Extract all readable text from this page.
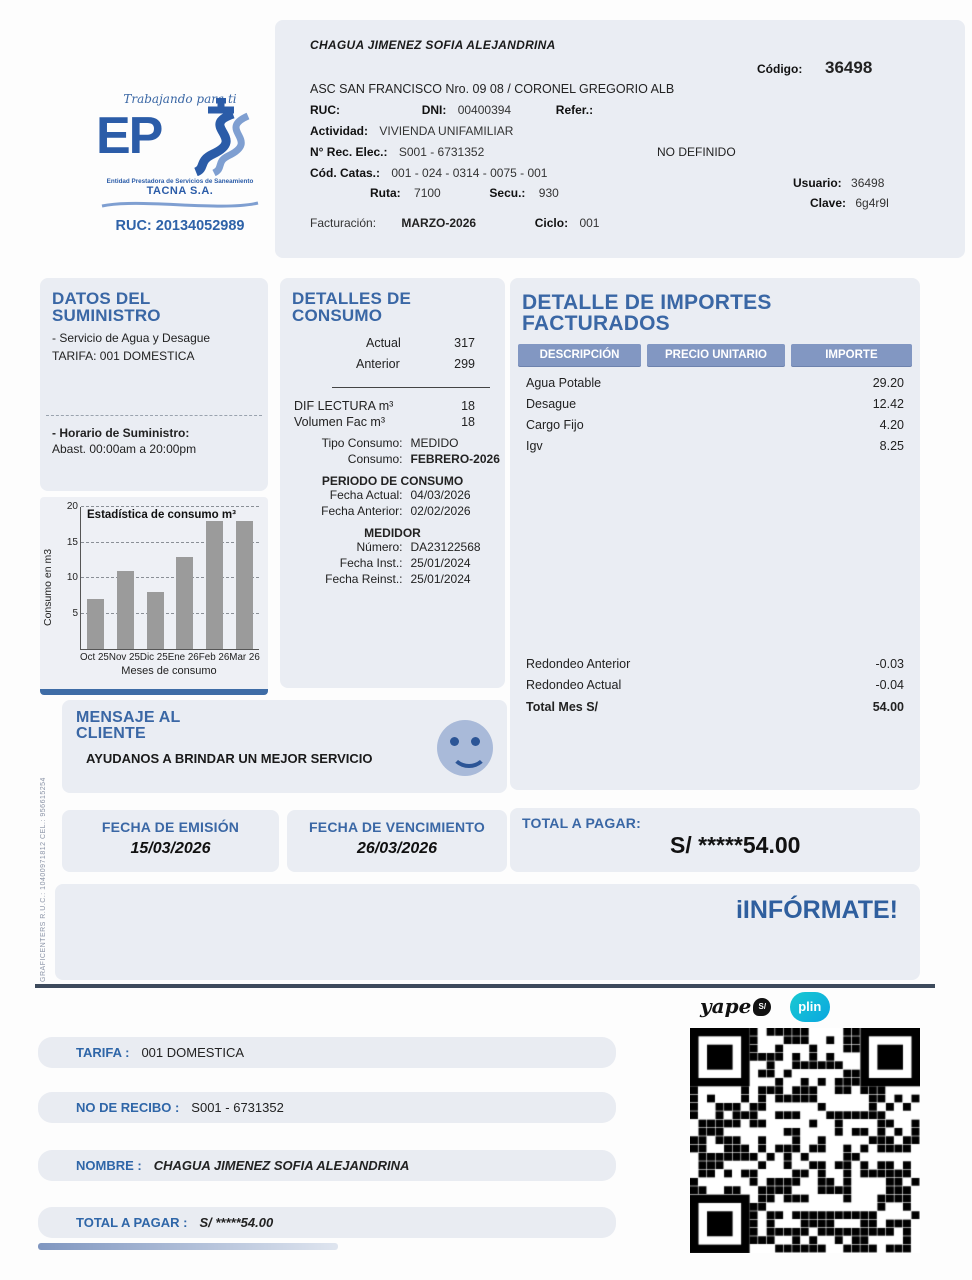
Trabajando para ti
EP
Entidad Prestadora de Servicios de Saneamiento
TACNA S.A.
RUC: 20134052989
CHAGUA JIMENEZ SOFIA ALEJANDRINA
Código: 36498
ASC SAN FRANCISCO Nro. 09 08 / CORONEL GREGORIO ALB
RUC:	DNI: 00400394	Refer.:
Actividad: VIVIENDA UNIFAMILIAR
N° Rec. Elec.: S001 - 6731352	NO DEFINIDO
Cód. Catas.: 001 - 024 - 0314 - 0075 - 001
Ruta: 7100	Secu.: 930
Usuario: 36498
Clave: 6g4r9l
Facturación: MARZO-2026	Ciclo: 001
DATOS DEL SUMINISTRO
- Servicio de Agua y Desague
TARIFA: 001 DOMESTICA
- Horario de Suministro:
Abast. 00:00am a 20:00pm
Consumo en m3
Estadística de consumo m³
5
10
15
20
Oct 25 Nov 25 Dic 25 Ene 26 Feb 26 Mar 26
Meses de consumo
DETALLES DE CONSUMO
Actual	317
Anterior	299
DIF LECTURA m³	18
Volumen Fac m³	18
Tipo Consumo: MEDIDO
Consumo: FEBRERO-2026
PERIODO DE CONSUMO
Fecha Actual: 04/03/2026
Fecha Anterior: 02/02/2026
MEDIDOR
Número: DA23122568
Fecha Inst.: 25/01/2024
Fecha Reinst.: 25/01/2024
DETALLE DE IMPORTES FACTURADOS
DESCRIPCIÓN	PRECIO UNITARIO	IMPORTE
Agua Potable	29.20
Desague	12.42
Cargo Fijo	4.20
Igv	8.25
Redondeo Anterior	-0.03
Redondeo Actual	-0.04
Total Mes S/	54.00
MENSAJE AL CLIENTE
AYUDANOS A BRINDAR UN MEJOR SERVICIO
FECHA DE EMISIÓN
15/03/2026
FECHA DE VENCIMIENTO
26/03/2026
TOTAL A PAGAR:
S/ *****54.00
iINFÓRMATE!
GRAFICENTERS R.U.C.: 10400971812 CEL.: 956615254
yape S/ plin
TARIFA : 001 DOMESTICA
NO DE RECIBO : S001 - 6731352
NOMBRE : CHAGUA JIMENEZ SOFIA ALEJANDRINA
TOTAL A PAGAR : S/ *****54.00
